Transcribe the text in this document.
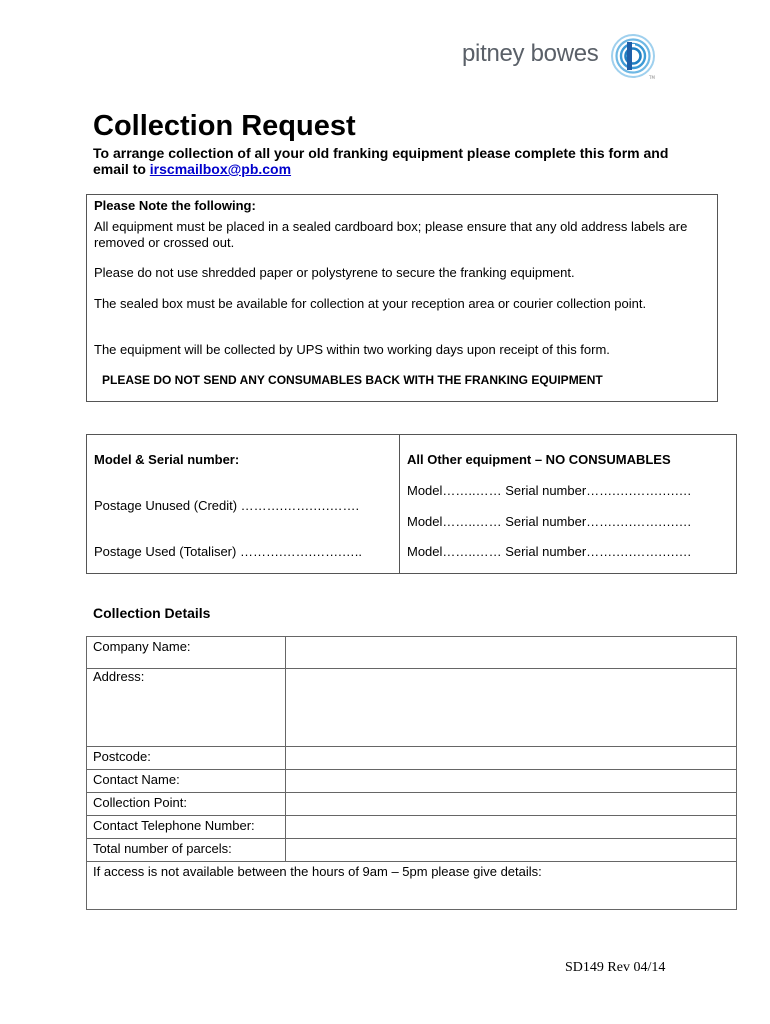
pitney bowes
TM
Collection Request
To arrange collection of all your old franking equipment please complete this form and email to irscmailbox@pb.com
Please Note the following:

All equipment must be placed in a sealed cardboard box; please ensure that any old address labels are removed or crossed out.

Please do not use shredded paper or polystyrene to secure the franking equipment.

The sealed box must be available for collection at your reception area or courier collection point.

The equipment will be collected by UPS within two working days upon receipt of this form.

PLEASE DO NOT SEND ANY CONSUMABLES BACK WITH THE FRANKING EQUIPMENT
Model & Serial number:
Postage Unused (Credit) ……….…….….…….
Postage Used (Totaliser) ……….…….…….…..
All Other equipment – NO CONSUMABLES
Model……..…… Serial number…….….…….….…
Model……..…… Serial number…….….…….….…
Model……..…… Serial number…….….…….….…
Collection Details
Company Name:	
Address:	
Postcode:	
Contact Name:	
Collection Point:	
Contact Telephone Number:	
Total number of parcels:	
If access is not available between the hours of 9am – 5pm please give details:	
SD149 Rev 04/14
